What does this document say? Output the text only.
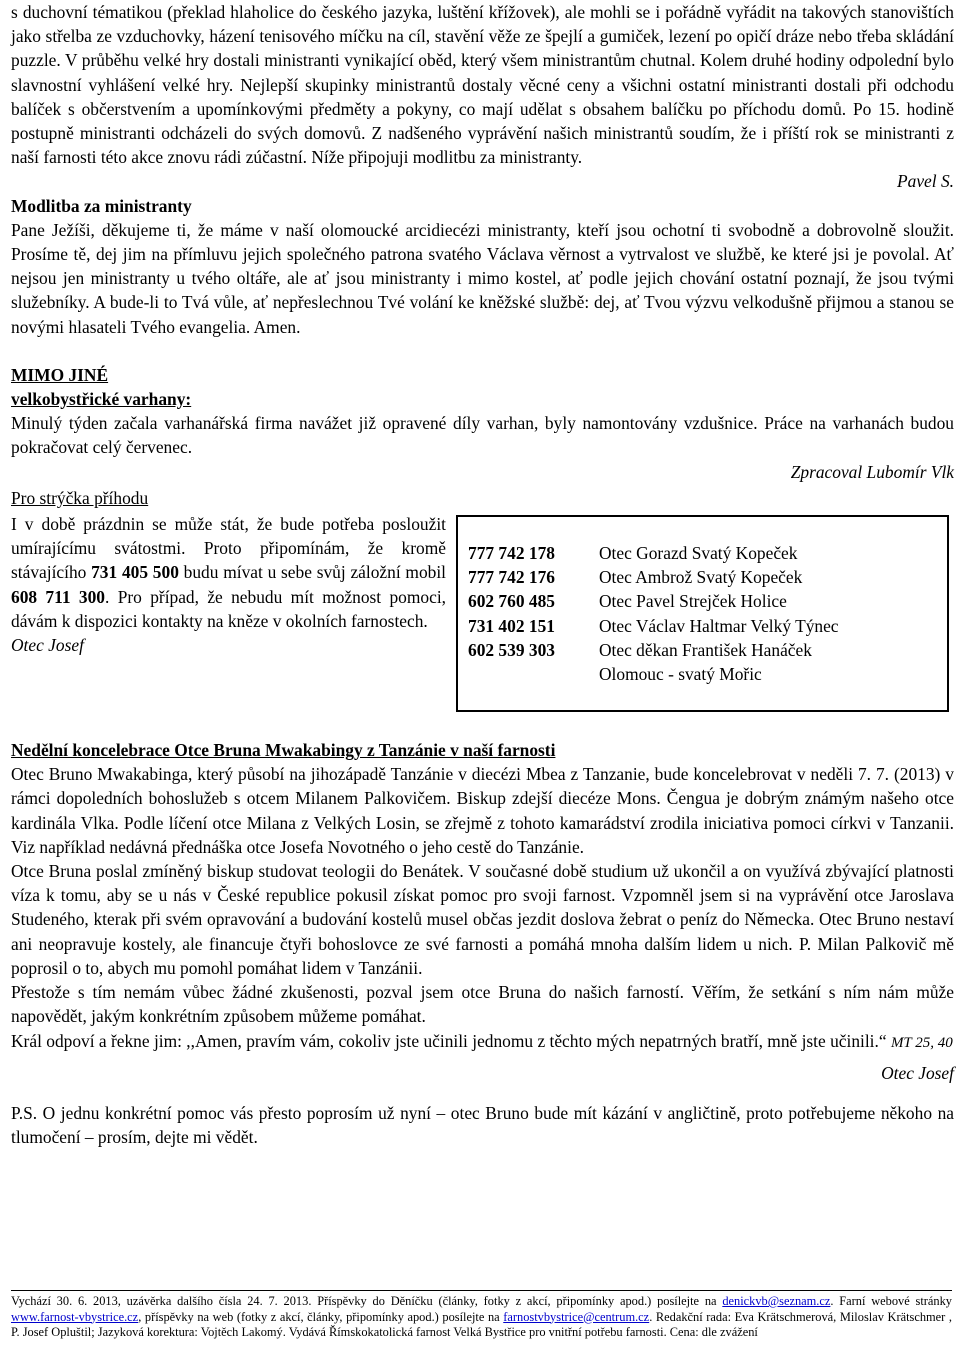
s duchovní tématikou (překlad hlaholice do českého jazyka, luštění křížovek), ale mohli se i pořádně vyřádit na takových stanovištích jako střelba ze vzduchovky, házení tenisového míčku na cíl, stavění věže ze špejlí a gumiček, lezení po opičí dráze nebo třeba skládání puzzle. V průběhu velké hry dostali ministranti vynikající oběd, který všem ministrantům chutnal. Kolem druhé hodiny odpolední bylo slavnostní vyhlášení velké hry. Nejlepší skupinky ministrantů dostaly věcné ceny a všichni ostatní ministranti dostali při odchodu balíček s občerstvením a upomínkovými předměty a pokyny, co mají udělat s obsahem balíčku po příchodu domů. Po 15. hodině postupně ministranti odcházeli do svých domovů. Z nadšeného vyprávění našich ministrantů soudím, že i příští rok se ministranti z naší farnosti této akce znovu rádi zúčastní. Níže připojuji modlitbu za ministranty.

Pavel S.

Modlitba za ministranty

Pane Ježíši, děkujeme ti, že máme v naší olomoucké arcidiecézi ministranty, kteří jsou ochotní ti svobodně a dobrovolně sloužit. Prosíme tě, dej jim na přímluvu jejich společného patrona svatého Václava věrnost a vytrvalost ve službě, ke které jsi je povolal. Ať nejsou jen ministranty u tvého oltáře, ale ať jsou ministranty i mimo kostel, ať podle jejich chování ostatní poznají, že jsou tvými služebníky. A bude-li to Tvá vůle, ať nepřeslechnou Tvé volání ke kněžské službě: dej, ať Tvou výzvu velkodušně přijmou a stanou se novými hlasateli Tvého evangelia. Amen.

MIMO JINÉ

velkobystřické varhany:

Minulý týden začala varhanářská firma navážet již opravené díly varhan, byly namontovány vzdušnice. Práce na varhanách budou pokračovat celý červenec.

Zpracoval Lubomír Vlk

Pro strýčka příhodu

I v době prázdnin se může stát, že bude potřeba posloužit umírajícímu svátostmi. Proto připomínám, že kromě stávajícího 731 405 500 budu mívat u sebe svůj záložní mobil 608 711 300. Pro případ, že nebudu mít možnost pomoci, dávám k dispozici kontakty na kněze v okolních farnostech.

Otec Josef

777 742 178	Otec Gorazd Svatý Kopeček
777 742 176	Otec Ambrož Svatý Kopeček
602 760 485	Otec Pavel Strejček Holice
731 402 151	Otec Václav Haltmar Velký Týnec
602 539 303	Otec děkan František Hanáček
Olomouc - svatý Mořic

Nedělní koncelebrace Otce Bruna Mwakabingy z Tanzánie v naší farnosti

Otec Bruno Mwakabinga, který působí na jihozápadě Tanzánie v diecézi Mbea z Tanzanie, bude koncelebrovat v neděli 7. 7. (2013) v rámci dopoledních bohoslužeb s otcem Milanem Palkovičem. Biskup zdejší diecéze Mons. Čengua je dobrým známým našeho otce kardinála Vlka. Podle líčení otce Milana z Velkých Losin, se zřejmě z tohoto kamarádství zrodila iniciativa pomoci církvi v Tanzanii. Viz například nedávná přednáška otce Josefa Novotného o jeho cestě do Tanzánie.

Otce Bruna poslal zmíněný biskup studovat teologii do Benátek. V současné době studium už ukončil a on využívá zbývající platnosti víza k tomu, aby se u nás v České republice pokusil získat pomoc pro svoji farnost. Vzpomněl jsem si na vyprávění otce Jaroslava Studeného, kterak při svém opravování a budování kostelů musel občas jezdit doslova žebrat o peníz do Německa. Otec Bruno nestaví ani neopravuje kostely, ale financuje čtyři bohoslovce ze své farnosti a pomáhá mnoha dalším lidem u nich. P. Milan Palkovič mě poprosil o to, abych mu pomohl pomáhat lidem v Tanzánii.

Přestože s tím nemám vůbec žádné zkušenosti, pozval jsem otce Bruna do našich farností. Věřím, že setkání s ním nám může napovědět, jakým konkrétním způsobem můžeme pomáhat.

Král odpoví a řekne jim: ,,Amen, pravím vám, cokoliv jste učinili jednomu z těchto mých nepatrných bratří, mně jste učinili.“ MT 25, 40

Otec Josef

P.S. O jednu konkrétní pomoc vás přesto poprosím už nyní – otec Bruno bude mít kázání v angličtině, proto potřebujeme někoho na tlumočení – prosím, dejte mi vědět.

Vychází 30. 6. 2013, uzávěrka dalšího čísla 24. 7. 2013. Příspěvky do Děníčku (články, fotky z akcí, připomínky apod.) posílejte na denickvb@seznam.cz. Farní webové stránky www.farnost-vbystrice.cz, příspěvky na web (fotky z akcí, články, připomínky apod.) posílejte na farnostvbystrice@centrum.cz. Redakční rada: Eva Krätschmerová, Miloslav Krätschmer , P. Josef Opluštil; Jazyková korektura: Vojtěch Lakomý. Vydává Římskokatolická farnost Velká Bystřice pro vnitřní potřebu farnosti. Cena: dle zvážení
